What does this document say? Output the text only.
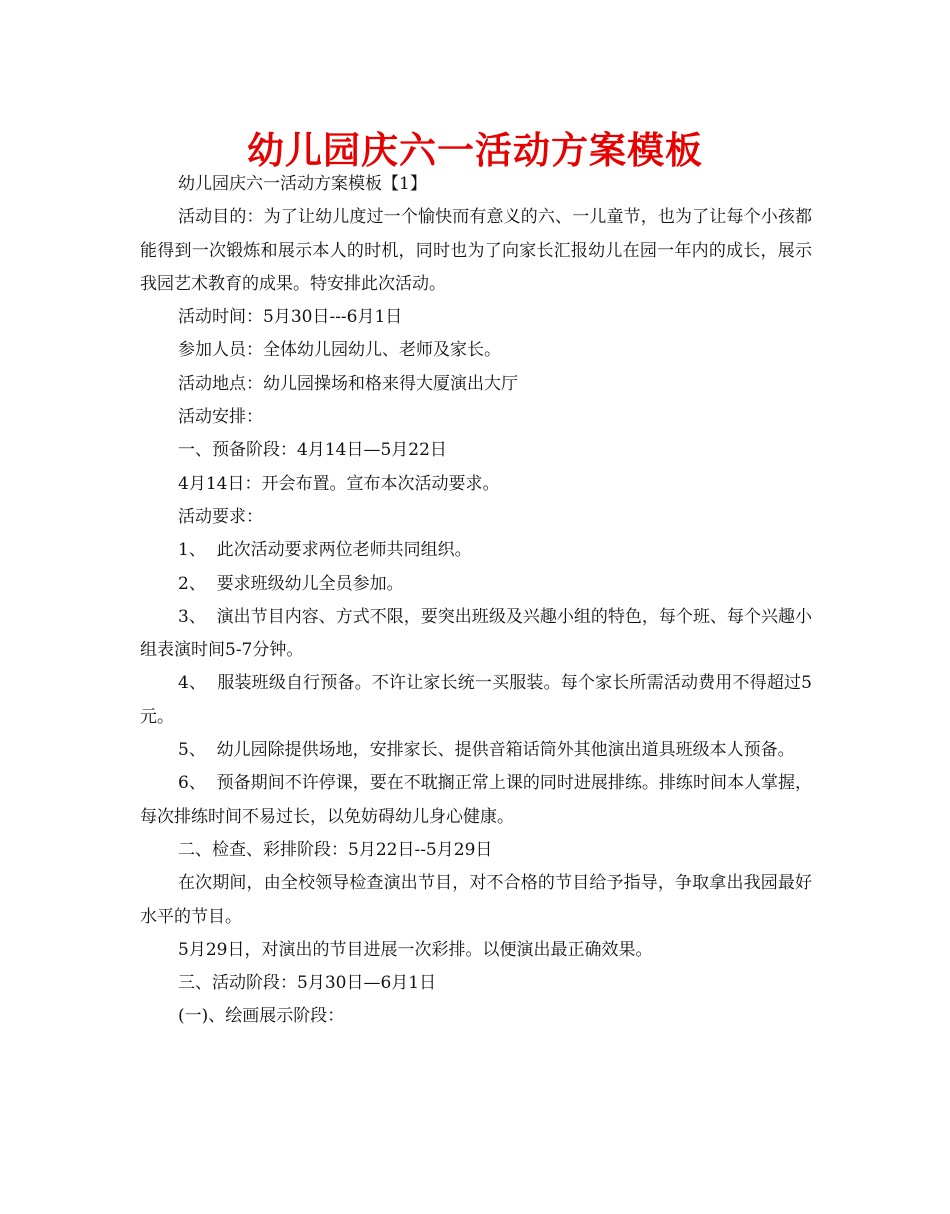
幼儿园庆六一活动方案模板

幼儿园庆六一活动方案模板【1】

活动目的：为了让幼儿度过一个愉快而有意义的六、一儿童节，也为了让每个小孩都能得到一次锻炼和展示本人的时机，同时也为了向家长汇报幼儿在园一年内的成长，展示我园艺术教育的成果。特安排此次活动。

活动时间：5月30日---6月1日

参加人员：全体幼儿园幼儿、老师及家长。

活动地点：幼儿园操场和格来得大厦演出大厅

活动安排：

一、预备阶段：4月14日—5月22日

4月14日：开会布置。宣布本次活动要求。

活动要求：

1、  此次活动要求两位老师共同组织。

2、  要求班级幼儿全员参加。

3、  演出节目内容、方式不限，要突出班级及兴趣小组的特色，每个班、每个兴趣小组表演时间5-7分钟。

4、  服装班级自行预备。不许让家长统一买服装。每个家长所需活动费用不得超过5元。

5、  幼儿园除提供场地，安排家长、提供音箱话筒外其他演出道具班级本人预备。

6、  预备期间不许停课，要在不耽搁正常上课的同时进展排练。排练时间本人掌握，每次排练时间不易过长，以免妨碍幼儿身心健康。

二、检查、彩排阶段：5月22日--5月29日

在次期间，由全校领导检查演出节目，对不合格的节目给予指导，争取拿出我园最好水平的节目。

5月29日，对演出的节目进展一次彩排。以便演出最正确效果。

三、活动阶段：5月30日—6月1日

(一)、绘画展示阶段：
